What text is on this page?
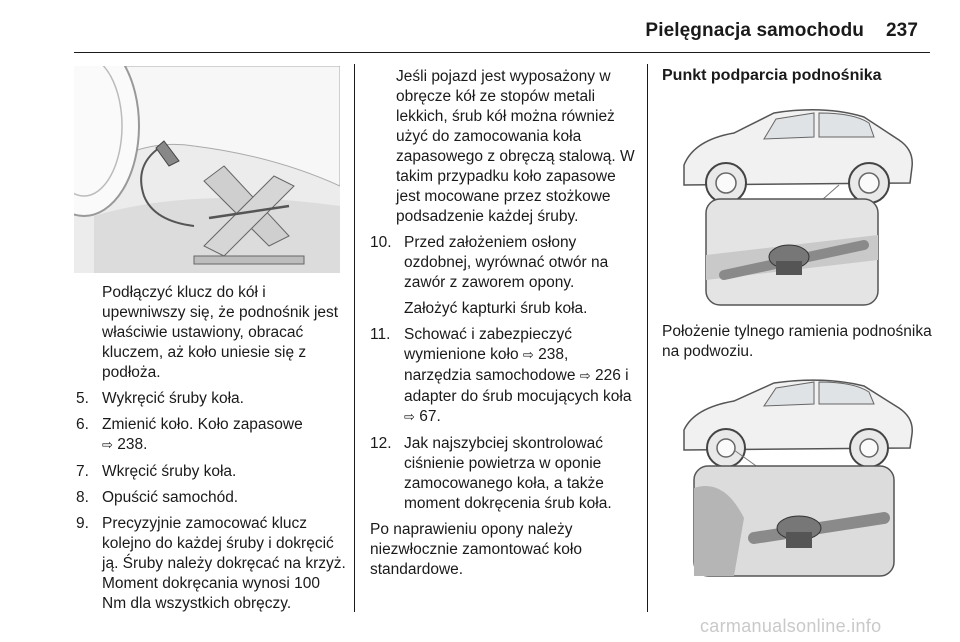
Pielęgnacja samochodu 237

Podłączyć klucz do kół i upewniwszy się, że podnośnik jest właściwie ustawiony, obracać kluczem, aż koło uniesie się z podłoża.

5. Wykręcić śruby koła.
6. Zmienić koło. Koło zapasowe
⇨ 238.
7. Wkręcić śruby koła.
8. Opuścić samochód.
9. Precyzyjnie zamocować klucz kolejno do każdej śruby i dokręcić ją. Śruby należy dokręcać na krzyż. Moment dokręcania wynosi 100 Nm dla wszystkich obręczy.

Jeśli pojazd jest wyposażony w obręcze kół ze stopów metali lekkich, śrub kół można również użyć do zamocowania koła zapasowego z obręczą stalową. W takim przypadku koło zapasowe jest mocowane przez stożkowe podsadzenie każdej śruby.

10. Przed założeniem osłony ozdobnej, wyrównać otwór na zawór z zaworem opony.
Założyć kapturki śrub koła.
11. Schować i zabezpieczyć wymienione koło ⇨ 238, narzędzia samochodowe ⇨ 226 i adapter do śrub mocujących koła ⇨ 67.
12. Jak najszybciej skontrolować ciśnienie powietrza w oponie zamocowanego koła, a także moment dokręcenia śrub koła.

Po naprawieniu opony należy niezwłocznie zamontować koło standardowe.

Punkt podparcia podnośnika
Położenie tylnego ramienia podnośnika na podwoziu.
carmanualsonline.info
